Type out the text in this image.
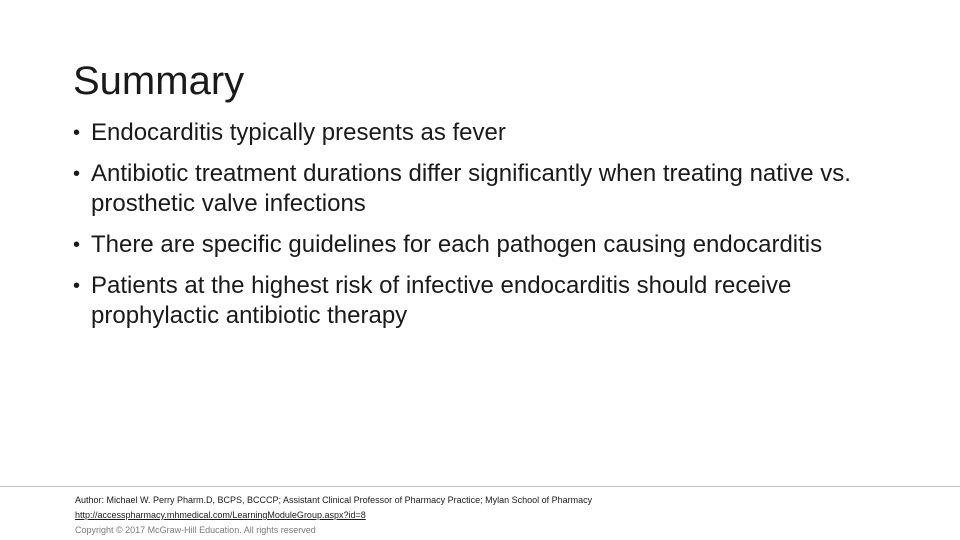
Summary
• Endocarditis typically presents as fever
• Antibiotic treatment durations differ significantly when treating native vs. prosthetic valve infections
• There are specific guidelines for each pathogen causing endocarditis
• Patients at the highest risk of infective endocarditis should receive prophylactic antibiotic therapy
Author: Michael W. Perry Pharm.D, BCPS, BCCCP; Assistant Clinical Professor of Pharmacy Practice; Mylan School of Pharmacy
http://accesspharmacy.mhmedical.com/LearningModuleGroup.aspx?id=8
Copyright © 2017 McGraw-Hill Education. All rights reserved
